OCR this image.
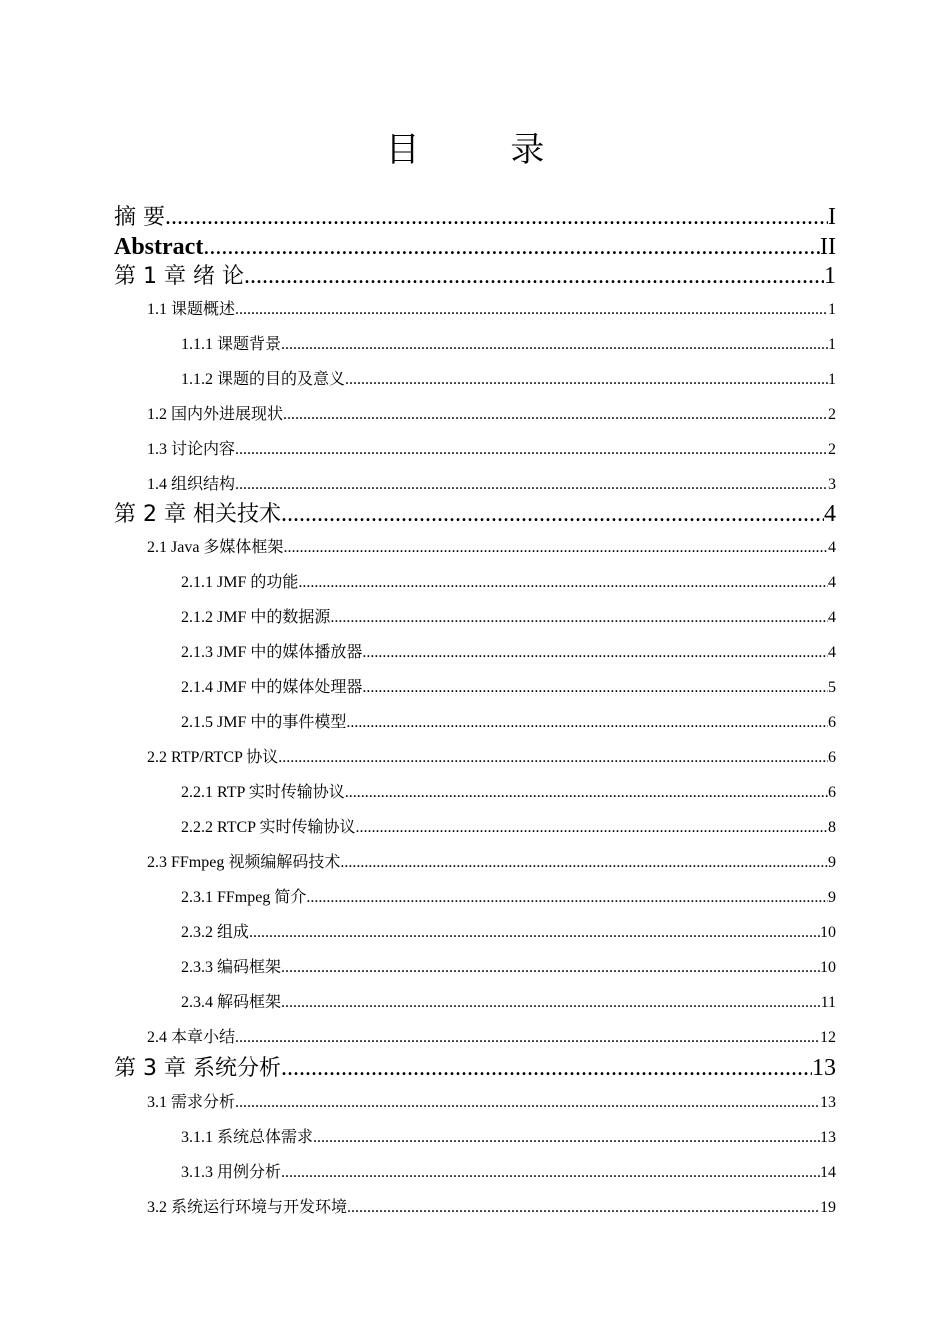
目 录
摘 要 .....	I
Abstract .....	II
第 1 章 绪 论 .....	1
1.1 课题概述 .....	1
1.1.1 课题背景 .....	1
1.1.2 课题的目的及意义 .....	1
1.2 国内外进展现状 .....	2
1.3 讨论内容 .....	2
1.4 组织结构 .....	3
第 2 章 相关技术 .....	4
2.1 Java 多媒体框架 .....	4
2.1.1 JMF 的功能 .....	4
2.1.2 JMF 中的数据源 .....	4
2.1.3 JMF 中的媒体播放器 .....	4
2.1.4 JMF 中的媒体处理器 .....	5
2.1.5 JMF 中的事件模型 .....	6
2.2 RTP/RTCP 协议 .....	6
2.2.1 RTP 实时传输协议 .....	6
2.2.2 RTCP 实时传输协议 .....	8
2.3 FFmpeg 视频编解码技术 .....	9
2.3.1 FFmpeg 简介 .....	9
2.3.2 组成 .....	10
2.3.3 编码框架 .....	10
2.3.4 解码框架 .....	11
2.4 本章小结 .....	12
第 3 章 系统分析 .....	13
3.1 需求分析 .....	13
3.1.1 系统总体需求 .....	13
3.1.3 用例分析 .....	14
3.2 系统运行环境与开发环境 .....	19
